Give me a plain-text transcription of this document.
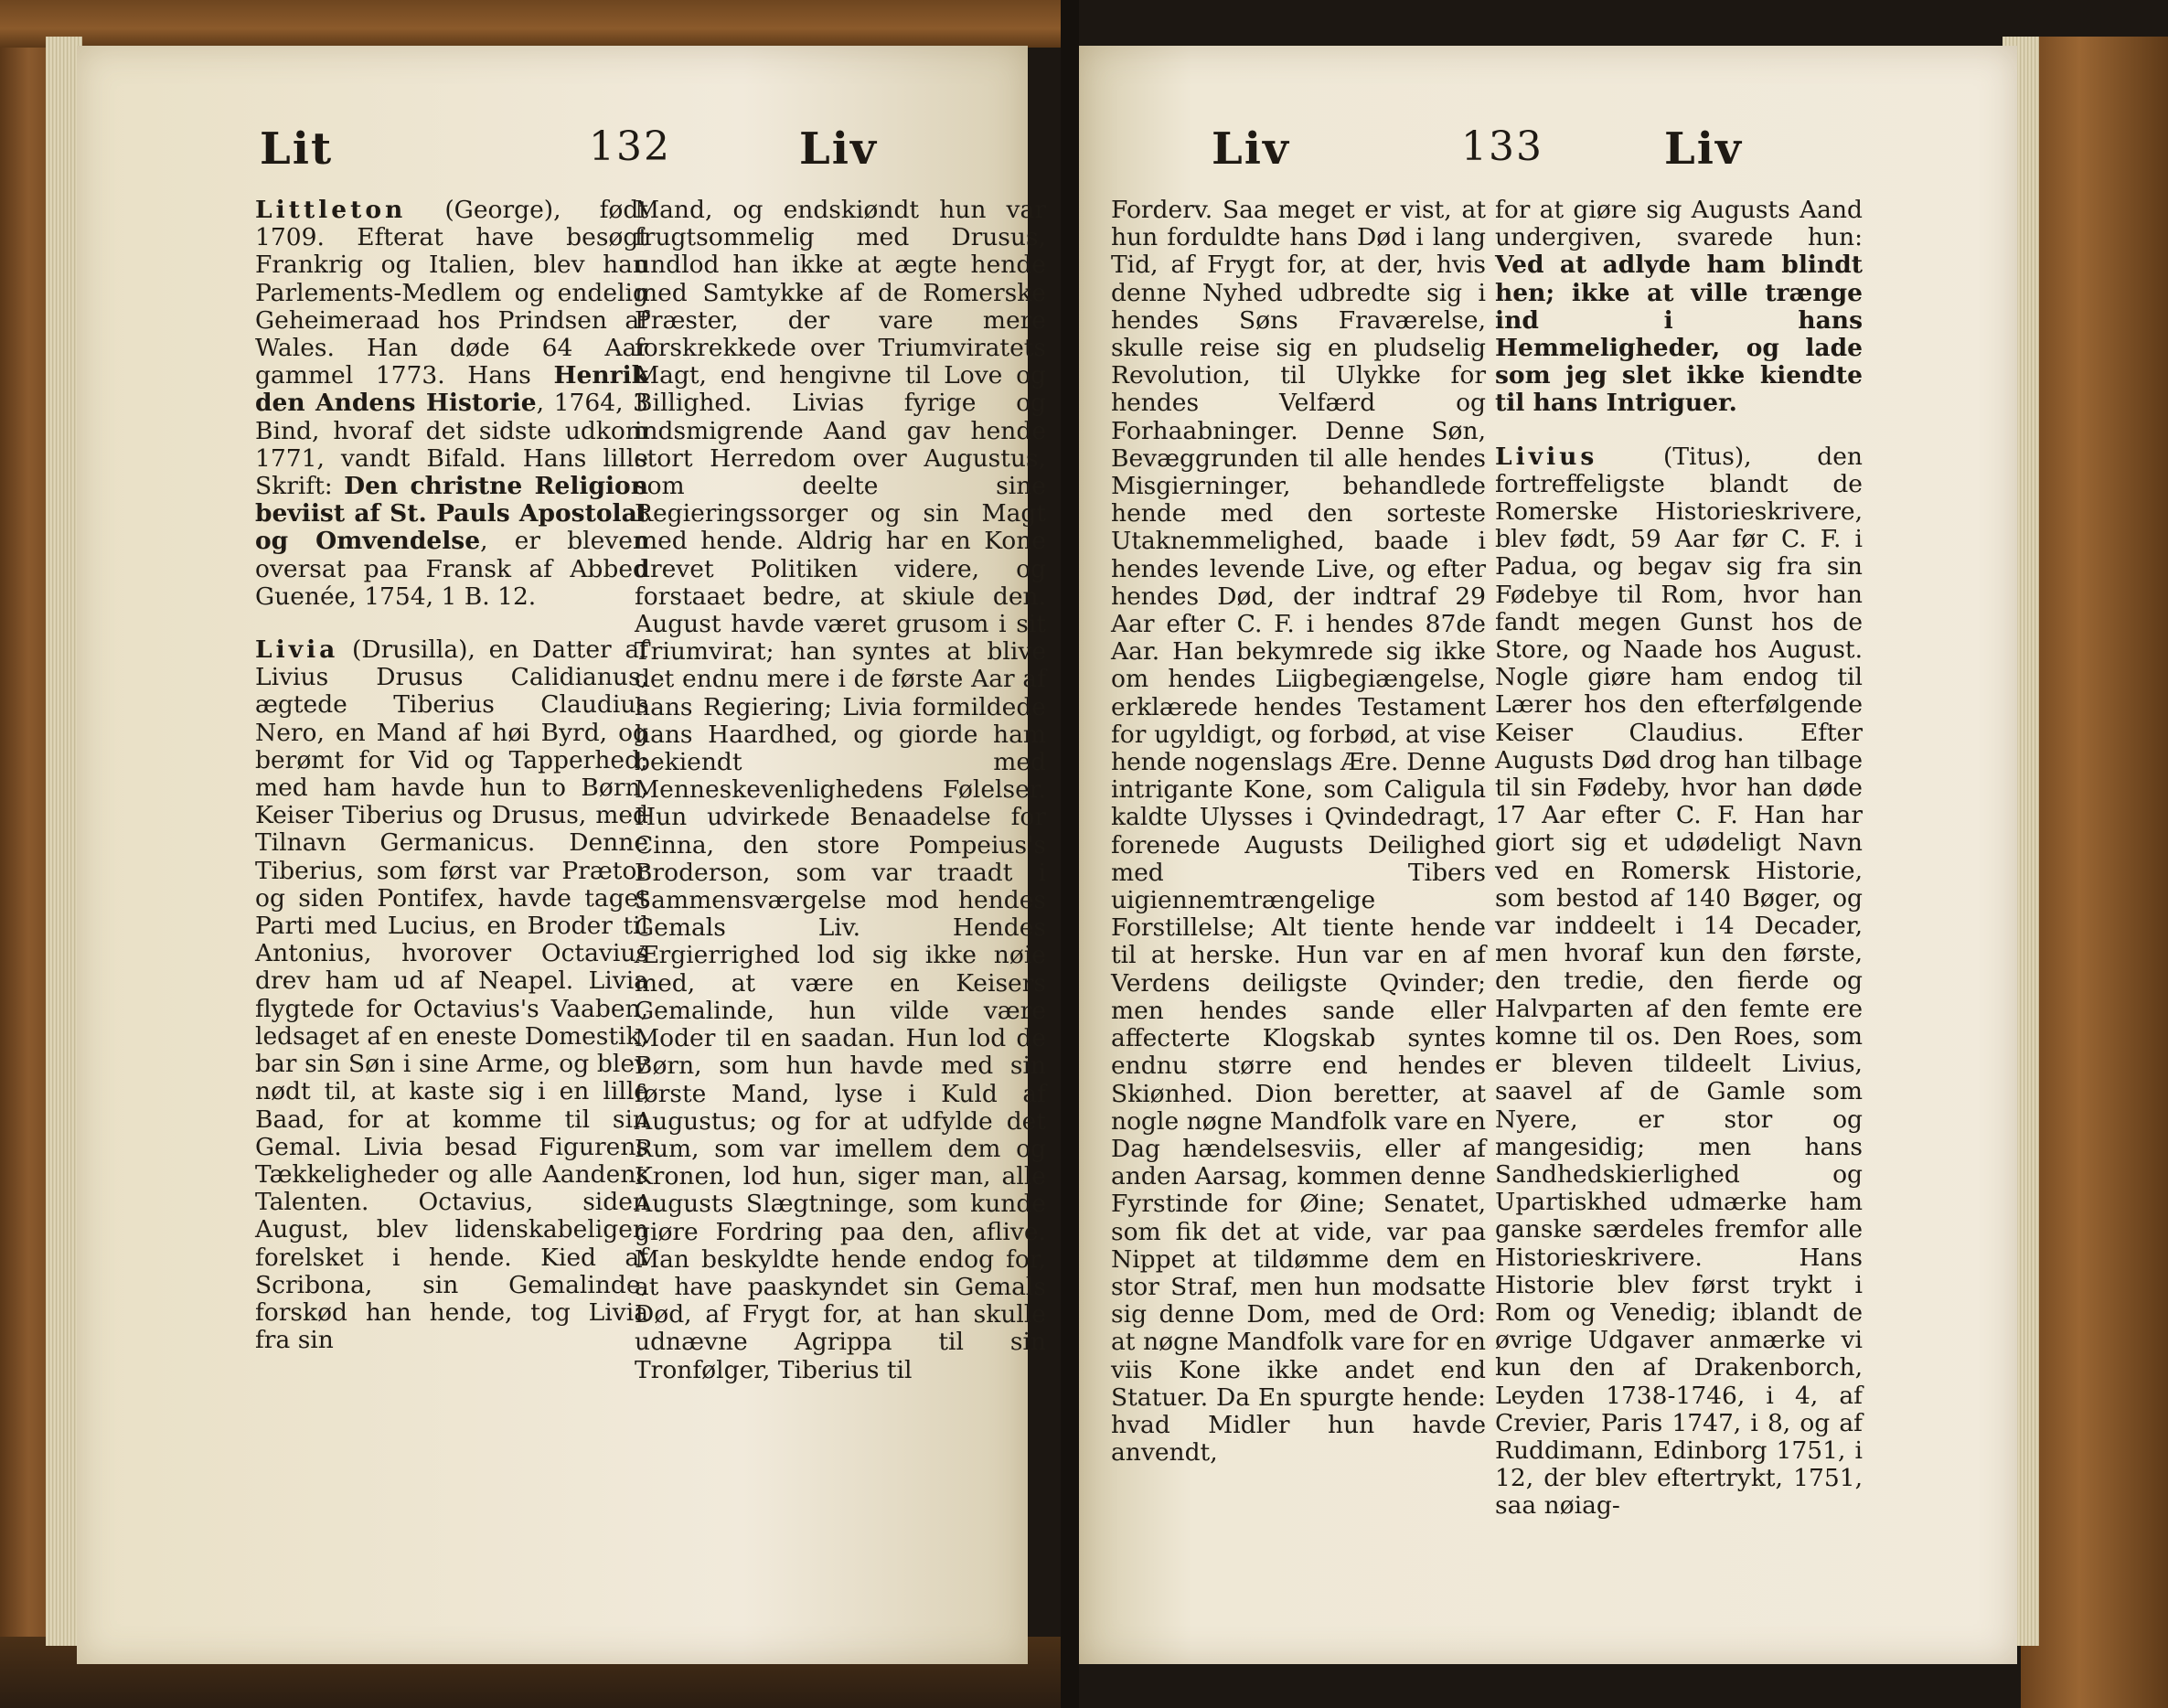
Lit	132	Liv

Littleton (George), født 1709. Efterat have besøgt Frankrig og Italien, blev han Parlements-Medlem og endelig Geheimeraad hos Prindsen af Wales. Han døde 64 Aar gammel 1773. Hans Henrik den Andens Historie, 1764, 3 Bind, hvoraf det sidste udkom 1771, vandt Bifald. Hans lille Skrift: Den christne Religion beviist af St. Pauls Apostolat og Omvendelse, er bleven oversat paa Fransk af Abbed Guenée, 1754, 1 B. 12.

Livia (Drusilla), en Datter af Livius Drusus Calidianus, ægtede Tiberius Claudius Nero, en Mand af høi Byrd, og berømt for Vid og Tapperhed; med ham havde hun to Børn, Keiser Tiberius og Drusus, med Tilnavn Germanicus. Denne Tiberius, som først var Prætor og siden Pontifex, havde taget Parti med Lucius, en Broder til Antonius, hvorover Octavius drev ham ud af Neapel. Livia flygtede for Octavius's Vaaben, ledsaget af en eneste Domestik, bar sin Søn i sine Arme, og blev nødt til, at kaste sig i en lille Baad, for at komme til sin Gemal. Livia besad Figurens Tækkeligheder og alle Aandens Talenten. Octavius, siden August, blev lidenskabeligen forelsket i hende. Kied af Scribona, sin Gemalinde, forskød han hende, tog Livia fra sin

Mand, og endskiøndt hun var frugtsommelig med Drusus, undlod han ikke at ægte hende med Samtykke af de Romerske Præster, der vare mere forskrekkede over Triumviratets Magt, end hengivne til Love og Billighed. Livias fyrige og indsmigrende Aand gav hende stort Herredom over Augustus, som deelte sine Regieringssorger og sin Magt med hende. Aldrig har en Kone drevet Politiken videre, og forstaaet bedre, at skiule den. August havde været grusom i sit Triumvirat; han syntes at blive det endnu mere i de første Aar af hans Regiering; Livia formildede hans Haardhed, og giorde ham bekiendt med Menneskevenlighedens Følelser. Hun udvirkede Benaadelse for Cinna, den store Pompeius's Broderson, som var traadt i Sammensværgelse mod hendes Gemals Liv. Hendes Ærgierrighed lod sig ikke nøie med, at være en Keisers Gemalinde, hun vilde være Moder til en saadan. Hun lod de Børn, som hun havde med sin første Mand, lyse i Kuld af Augustus; og for at udfylde det Rum, som var imellem dem og Kronen, lod hun, siger man, alle Augusts Slægtninge, som kunde giøre Fordring paa den, aflive. Man beskyldte hende endog for, at have paaskyndet sin Gemals Død, af Frygt for, at han skulle udnævne Agrippa til sin Tronfølger, Tiberius til

Liv	133	Liv

Forderv. Saa meget er vist, at hun forduldte hans Død i lang Tid, af Frygt for, at der, hvis denne Nyhed udbredte sig i hendes Søns Fraværelse, skulle reise sig en pludselig Revolution, til Ulykke for hendes Velfærd og Forhaabninger. Denne Søn, Bevæggrunden til alle hendes Misgierninger, behandlede hende med den sorteste Utaknemmelighed, baade i hendes levende Live, og efter hendes Død, der indtraf 29 Aar efter C. F. i hendes 87de Aar. Han bekymrede sig ikke om hendes Liigbegiængelse, erklærede hendes Testament for ugyldigt, og forbød, at vise hende nogenslags Ære. Denne intrigante Kone, som Caligula kaldte Ulysses i Qvindedragt, forenede Augusts Deilighed med Tibers uigiennemtrængelige Forstillelse; Alt tiente hende til at herske. Hun var en af Verdens deiligste Qvinder; men hendes sande eller affecterte Klogskab syntes endnu større end hendes Skiønhed. Dion beretter, at nogle nøgne Mandfolk vare en Dag hændelsesviis, eller af anden Aarsag, kommen denne Fyrstinde for Øine; Senatet, som fik det at vide, var paa Nippet at tildømme dem en stor Straf, men hun modsatte sig denne Dom, med de Ord: at nøgne Mandfolk vare for en viis Kone ikke andet end Statuer. Da En spurgte hende: hvad Midler hun havde anvendt,

for at giøre sig Augusts Aand undergiven, svarede hun: Ved at adlyde ham blindt hen; ikke at ville trænge ind i hans Hemmeligheder, og lade som jeg slet ikke kiendte til hans Intriguer.

Livius (Titus), den fortreffeligste blandt de Romerske Historieskrivere, blev født, 59 Aar før C. F. i Padua, og begav sig fra sin Fødebye til Rom, hvor han fandt megen Gunst hos de Store, og Naade hos August. Nogle giøre ham endog til Lærer hos den efterfølgende Keiser Claudius. Efter Augusts Død drog han tilbage til sin Fødeby, hvor han døde 17 Aar efter C. F. Han har giort sig et udødeligt Navn ved en Romersk Historie, som bestod af 140 Bøger, og var inddeelt i 14 Decader, men hvoraf kun den første, den tredie, den fierde og Halvparten af den femte ere komne til os. Den Roes, som er bleven tildeelt Livius, saavel af de Gamle som Nyere, er stor og mangesidig; men hans Sandhedskierlighed og Upartiskhed udmærke ham ganske særdeles fremfor alle Historieskrivere. Hans Historie blev først trykt i Rom og Venedig; iblandt de øvrige Udgaver anmærke vi kun den af Drakenborch, Leyden 1738-1746, i 4, af Crevier, Paris 1747, i 8, og af Ruddimann, Edinborg 1751, i 12, der blev eftertrykt, 1751, saa nøiag-
